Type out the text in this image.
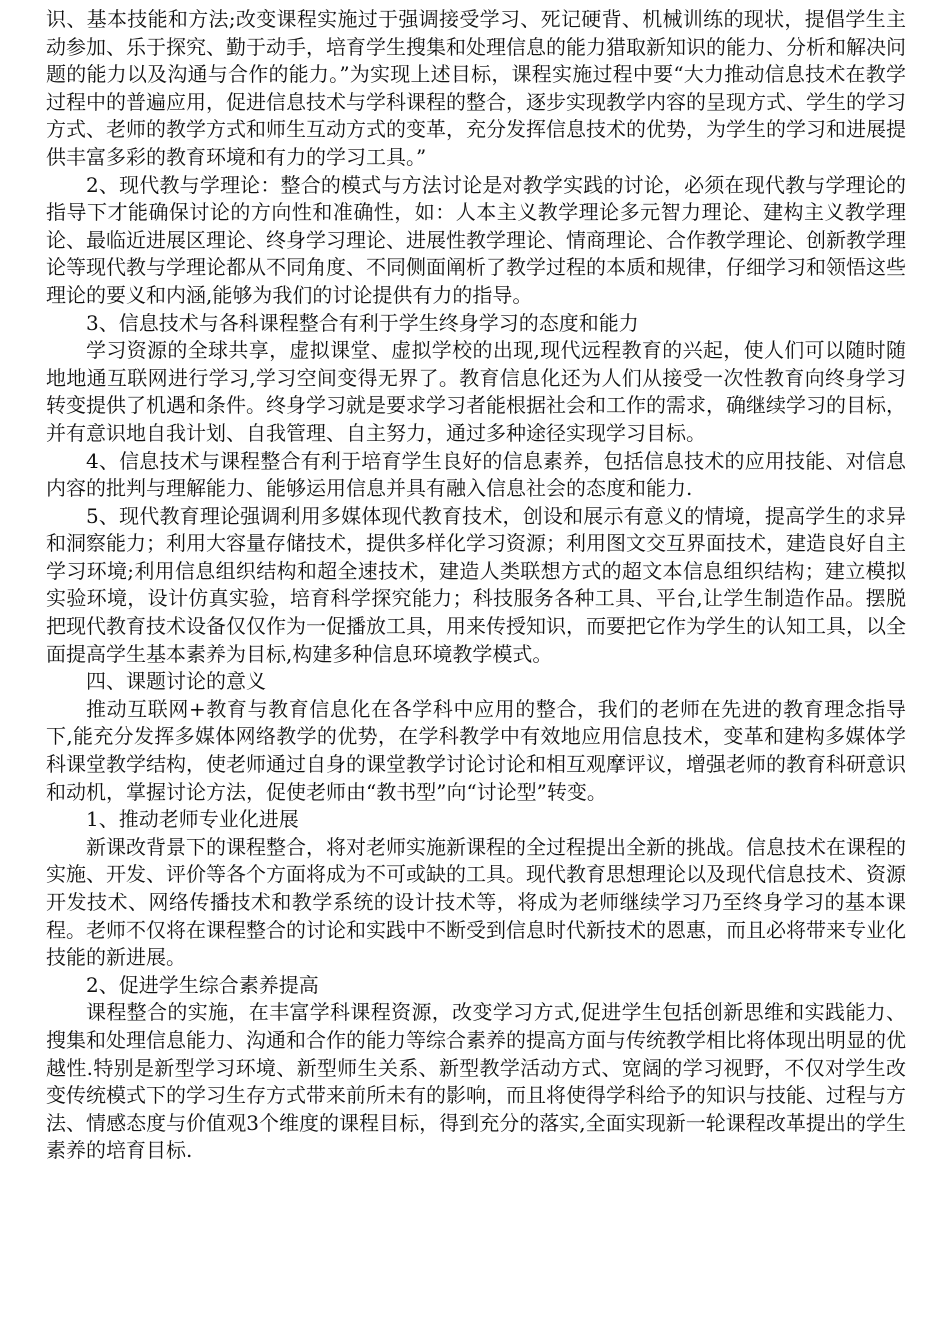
识、基本技能和方法;改变课程实施过于强调接受学习、死记硬背、机械训练的现状，提倡学生主动参加、乐于探究、勤于动手，培育学生搜集和处理信息的能力猎取新知识的能力、分析和解决问题的能力以及沟通与合作的能力。”为实现上述目标，课程实施过程中要“大力推动信息技术在教学过程中的普遍应用，促进信息技术与学科课程的整合，逐步实现教学内容的呈现方式、学生的学习方式、老师的教学方式和师生互动方式的变革，充分发挥信息技术的优势，为学生的学习和进展提供丰富多彩的教育环境和有力的学习工具。”

2、现代教与学理论：整合的模式与方法讨论是对教学实践的讨论，必须在现代教与学理论的指导下才能确保讨论的方向性和准确性，如：人本主义教学理论多元智力理论、建构主义教学理论、最临近进展区理论、终身学习理论、进展性教学理论、情商理论、合作教学理论、创新教学理论等现代教与学理论都从不同角度、不同侧面阐析了教学过程的本质和规律，仔细学习和领悟这些理论的要义和内涵,能够为我们的讨论提供有力的指导。

3、信息技术与各科课程整合有利于学生终身学习的态度和能力

学习资源的全球共享，虚拟课堂、虚拟学校的出现,现代远程教育的兴起，使人们可以随时随地地通互联网进行学习,学习空间变得无界了。教育信息化还为人们从接受一次性教育向终身学习转变提供了机遇和条件。终身学习就是要求学习者能根据社会和工作的需求，确继续学习的目标，并有意识地自我计划、自我管理、自主努力，通过多种途径实现学习目标。

4、信息技术与课程整合有利于培育学生良好的信息素养，包括信息技术的应用技能、对信息内容的批判与理解能力、能够运用信息并具有融入信息社会的态度和能力.

5、现代教育理论强调利用多媒体现代教育技术，创设和展示有意义的情境，提高学生的求异和洞察能力；利用大容量存储技术，提供多样化学习资源；利用图文交互界面技术，建造良好自主学习环境;利用信息组织结构和超全速技术，建造人类联想方式的超文本信息组织结构；建立模拟实验环境，设计仿真实验，培育科学探究能力；科技服务各种工具、平台,让学生制造作品。摆脱把现代教育技术设备仅仅作为一促播放工具，用来传授知识，而要把它作为学生的认知工具，以全面提高学生基本素养为目标,构建多种信息环境教学模式。

四、课题讨论的意义

推动互联网+教育与教育信息化在各学科中应用的整合，我们的老师在先进的教育理念指导下,能充分发挥多媒体网络教学的优势，在学科教学中有效地应用信息技术，变革和建构多媒体学科课堂教学结构，使老师通过自身的课堂教学讨论讨论和相互观摩评议，增强老师的教育科研意识和动机，掌握讨论方法，促使老师由“教书型”向“讨论型”转变。

1、推动老师专业化进展

新课改背景下的课程整合，将对老师实施新课程的全过程提出全新的挑战。信息技术在课程的实施、开发、评价等各个方面将成为不可或缺的工具。现代教育思想理论以及现代信息技术、资源开发技术、网络传播技术和教学系统的设计技术等，将成为老师继续学习乃至终身学习的基本课程。老师不仅将在课程整合的讨论和实践中不断受到信息时代新技术的恩惠，而且必将带来专业化技能的新进展。

2、促进学生综合素养提高

课程整合的实施，在丰富学科课程资源，改变学习方式,促进学生包括创新思维和实践能力、搜集和处理信息能力、沟通和合作的能力等综合素养的提高方面与传统教学相比将体现出明显的优越性.特别是新型学习环境、新型师生关系、新型教学活动方式、宽阔的学习视野，不仅对学生改变传统模式下的学习生存方式带来前所未有的影响，而且将使得学科给予的知识与技能、过程与方法、情感态度与价值观3个维度的课程目标，得到充分的落实,全面实现新一轮课程改革提出的学生素养的培育目标.
